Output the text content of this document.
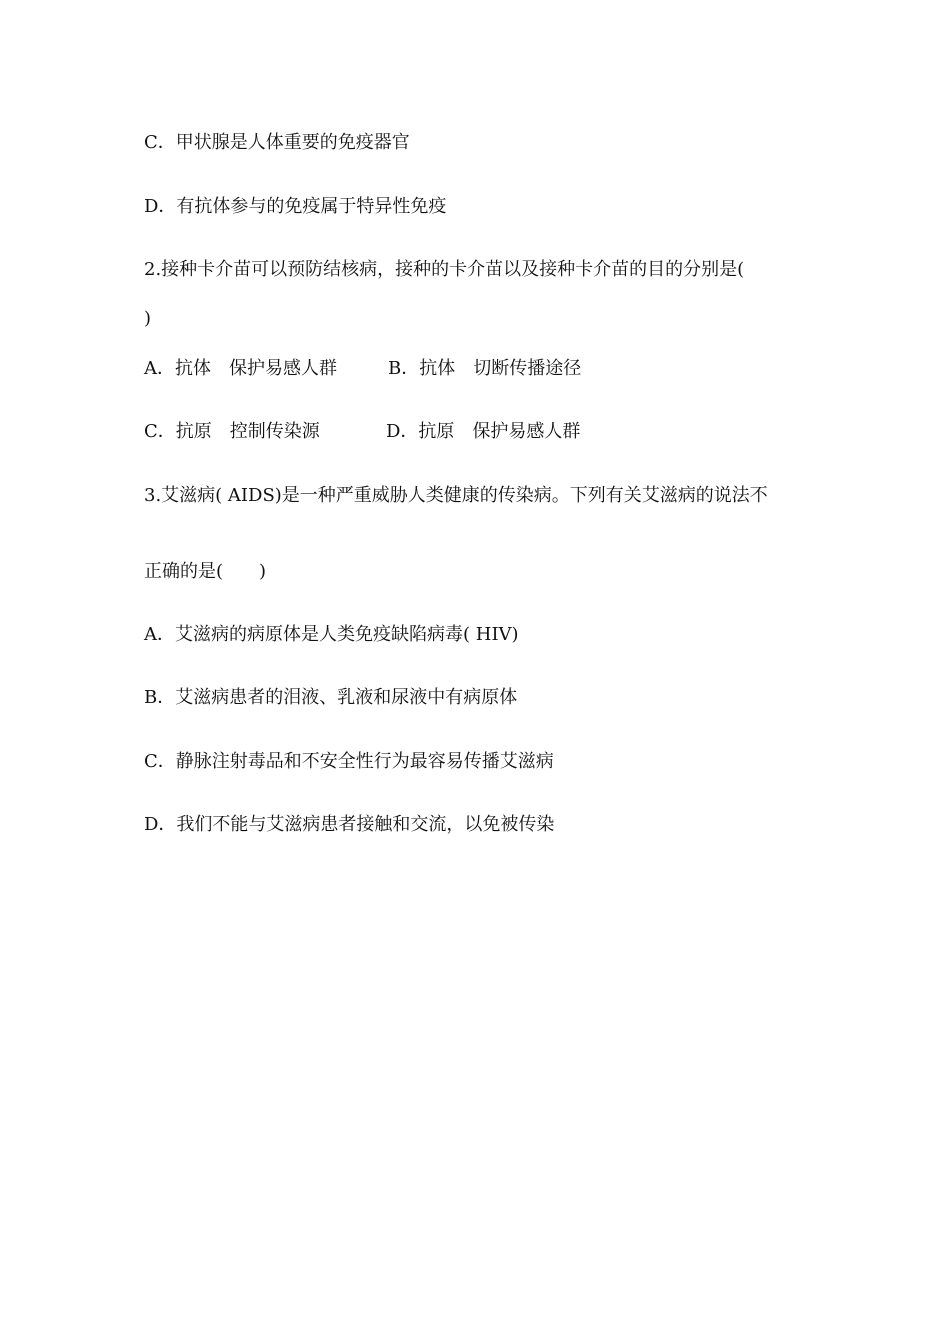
C．甲状腺是人体重要的免疫器官
D．有抗体参与的免疫属于特异性免疫
2.接种卡介苗可以预防结核病，接种的卡介苗以及接种卡介苗的目的分别是(
)
A．抗体　保护易感人群	B．抗体　切断传播途径
C．抗原　控制传染源	D．抗原　保护易感人群
3.艾滋病( AIDS)是一种严重威胁人类健康的传染病。下列有关艾滋病的说法不
正确的是(　　)
A．艾滋病的病原体是人类免疫缺陷病毒( HIV)
B．艾滋病患者的泪液、乳液和尿液中有病原体
C．静脉注射毒品和不安全性行为最容易传播艾滋病
D．我们不能与艾滋病患者接触和交流，以免被传染
